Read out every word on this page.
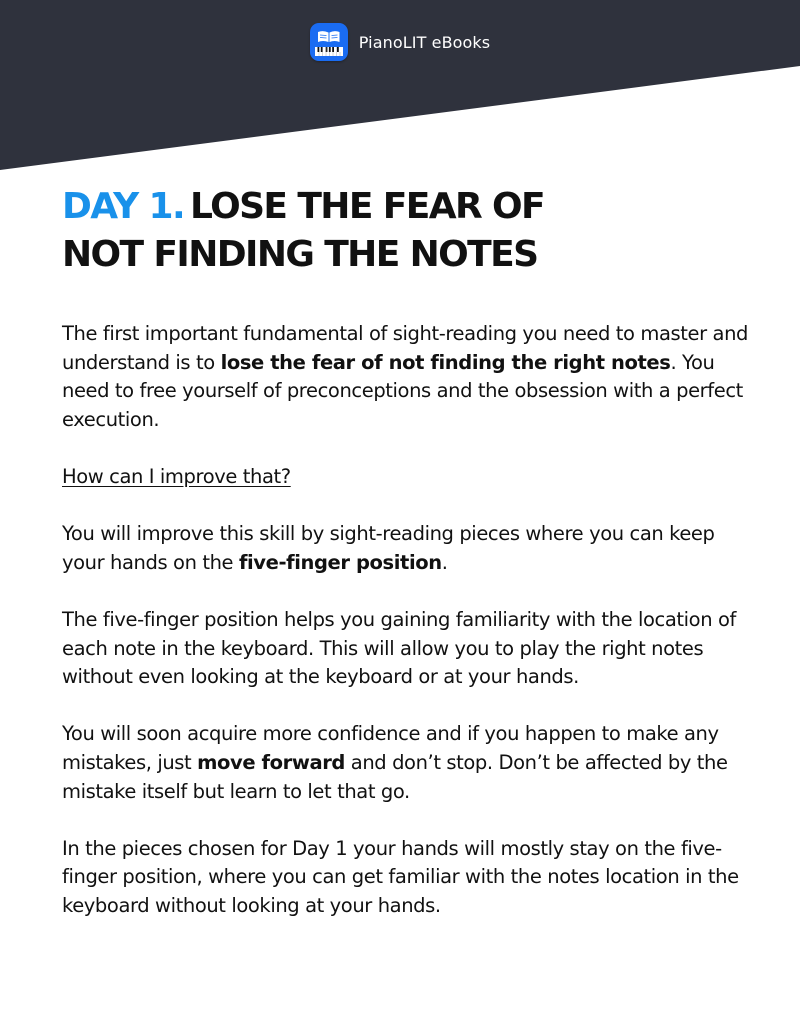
PianoLIT eBooks
DAY 1. LOSE THE FEAR OF
NOT FINDING THE NOTES

The first important fundamental of sight-reading you need to master and understand is to lose the fear of not finding the right notes. You need to free yourself of preconceptions and the obsession with a perfect execution.

How can I improve that?

You will improve this skill by sight-reading pieces where you can keep your hands on the five-finger position.

The five-finger position helps you gaining familiarity with the location of each note in the keyboard. This will allow you to play the right notes without even looking at the keyboard or at your hands.

You will soon acquire more confidence and if you happen to make any mistakes, just move forward and don’t stop. Don’t be affected by the mistake itself but learn to let that go.

In the pieces chosen for Day 1 your hands will mostly stay on the five-finger position, where you can get familiar with the notes location in the keyboard without looking at your hands.
